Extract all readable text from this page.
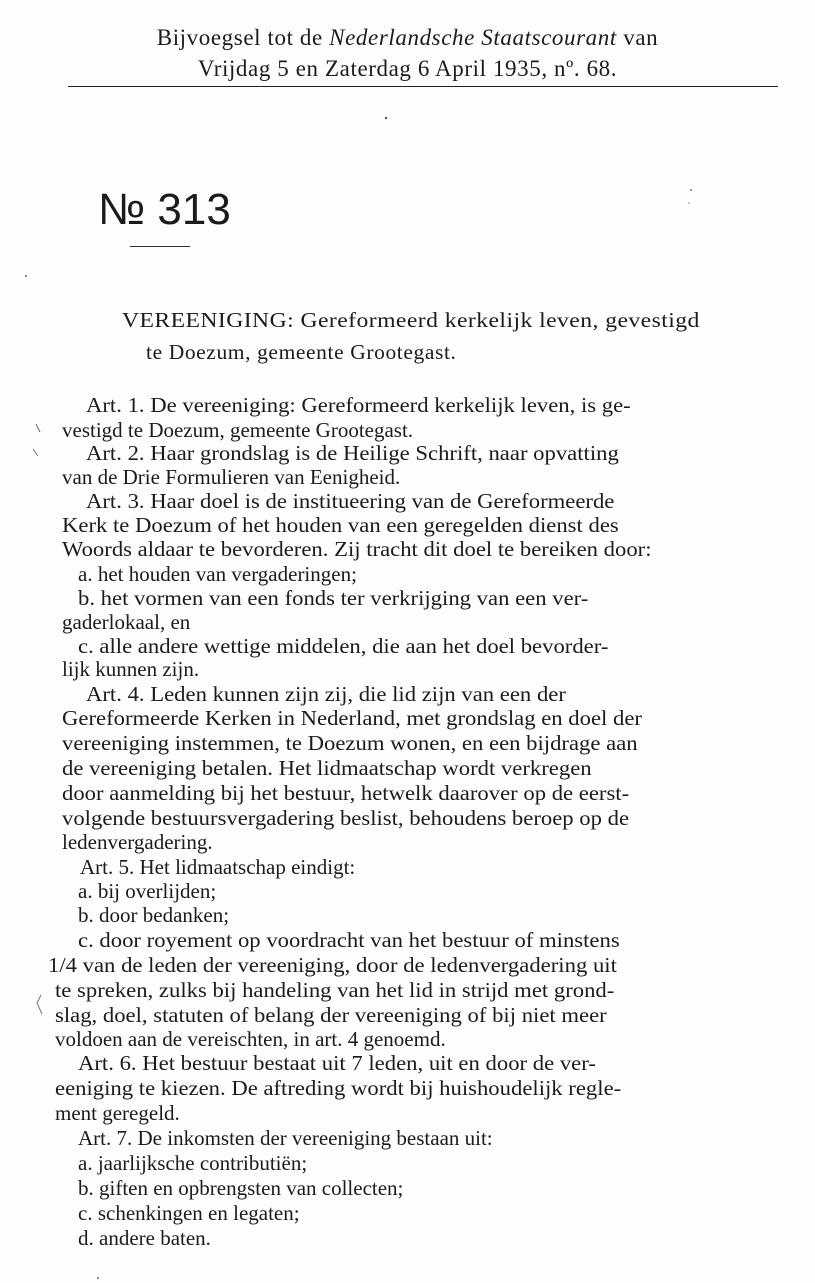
Bijvoegsel tot de Nederlandsche Staatscourant van
Vrijdag 5 en Zaterdag 6 April 1935, nº. 68.
№ 313
VEREENIGING: Gereformeerd kerkelijk leven, gevestigd
te Doezum, gemeente Grootegast.
Art. 1. De vereeniging: Gereformeerd kerkelijk leven, is ge-
vestigd te Doezum, gemeente Grootegast.
Art. 2. Haar grondslag is de Heilige Schrift, naar opvatting
van de Drie Formulieren van Eenigheid.
Art. 3. Haar doel is de institueering van de Gereformeerde
Kerk te Doezum of het houden van een geregelden dienst des
Woords aldaar te bevorderen. Zij tracht dit doel te bereiken door:
a. het houden van vergaderingen;
b. het vormen van een fonds ter verkrijging van een ver-
gaderlokaal, en
c. alle andere wettige middelen, die aan het doel bevorder-
lijk kunnen zijn.
Art. 4. Leden kunnen zijn zij, die lid zijn van een der
Gereformeerde Kerken in Nederland, met grondslag en doel der
vereeniging instemmen, te Doezum wonen, en een bijdrage aan
de vereeniging betalen. Het lidmaatschap wordt verkregen
door aanmelding bij het bestuur, hetwelk daarover op de eerst-
volgende bestuursvergadering beslist, behoudens beroep op de
ledenvergadering.
Art. 5. Het lidmaatschap eindigt:
a. bij overlijden;
b. door bedanken;
c. door royement op voordracht van het bestuur of minstens
1/4 van de leden der vereeniging, door de ledenvergadering uit
te spreken, zulks bij handeling van het lid in strijd met grond-
slag, doel, statuten of belang der vereeniging of bij niet meer
voldoen aan de vereischten, in art. 4 genoemd.
Art. 6. Het bestuur bestaat uit 7 leden, uit en door de ver-
eeniging te kiezen. De aftreding wordt bij huishoudelijk regle-
ment geregeld.
Art. 7. De inkomsten der vereeniging bestaan uit:
a. jaarlijksche contributiën;
b. giften en opbrengsten van collecten;
c. schenkingen en legaten;
d. andere baten.
